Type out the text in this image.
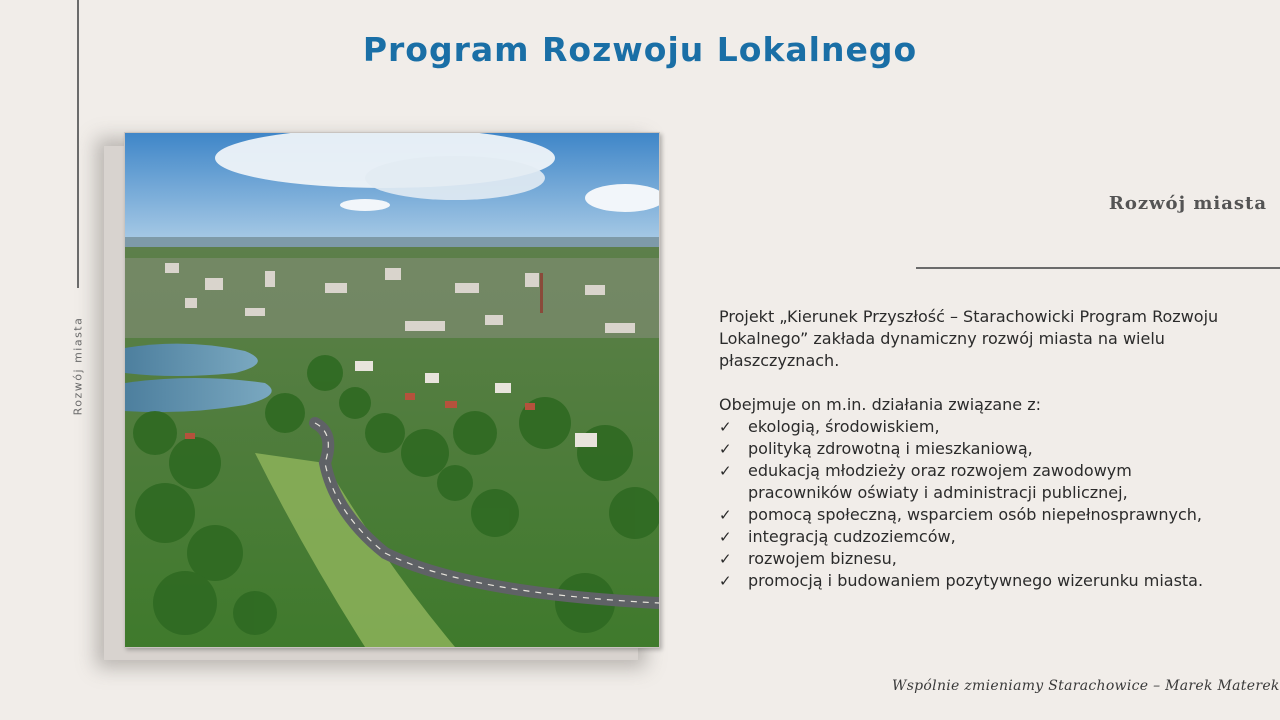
Rozwój miasta
Program Rozwoju Lokalnego
Rozwój miasta

Projekt „Kierunek Przyszłość – Starachowicki Program Rozwoju Lokalnego” zakłada dynamiczny rozwój miasta na wielu płaszczyznach.

Obejmuje on m.in. działania związane z:

✓ ekologią, środowiskiem,
✓ polityką zdrowotną i mieszkaniową,
✓ edukacją młodzieży oraz rozwojem zawodowym pracowników oświaty i administracji publicznej,
✓ pomocą społeczną, wsparciem osób niepełnosprawnych,
✓ integracją cudzoziemców,
✓ rozwojem biznesu,
✓ promocją i budowaniem pozytywnego wizerunku miasta.
Wspólnie zmieniamy Starachowice – Marek Materek
